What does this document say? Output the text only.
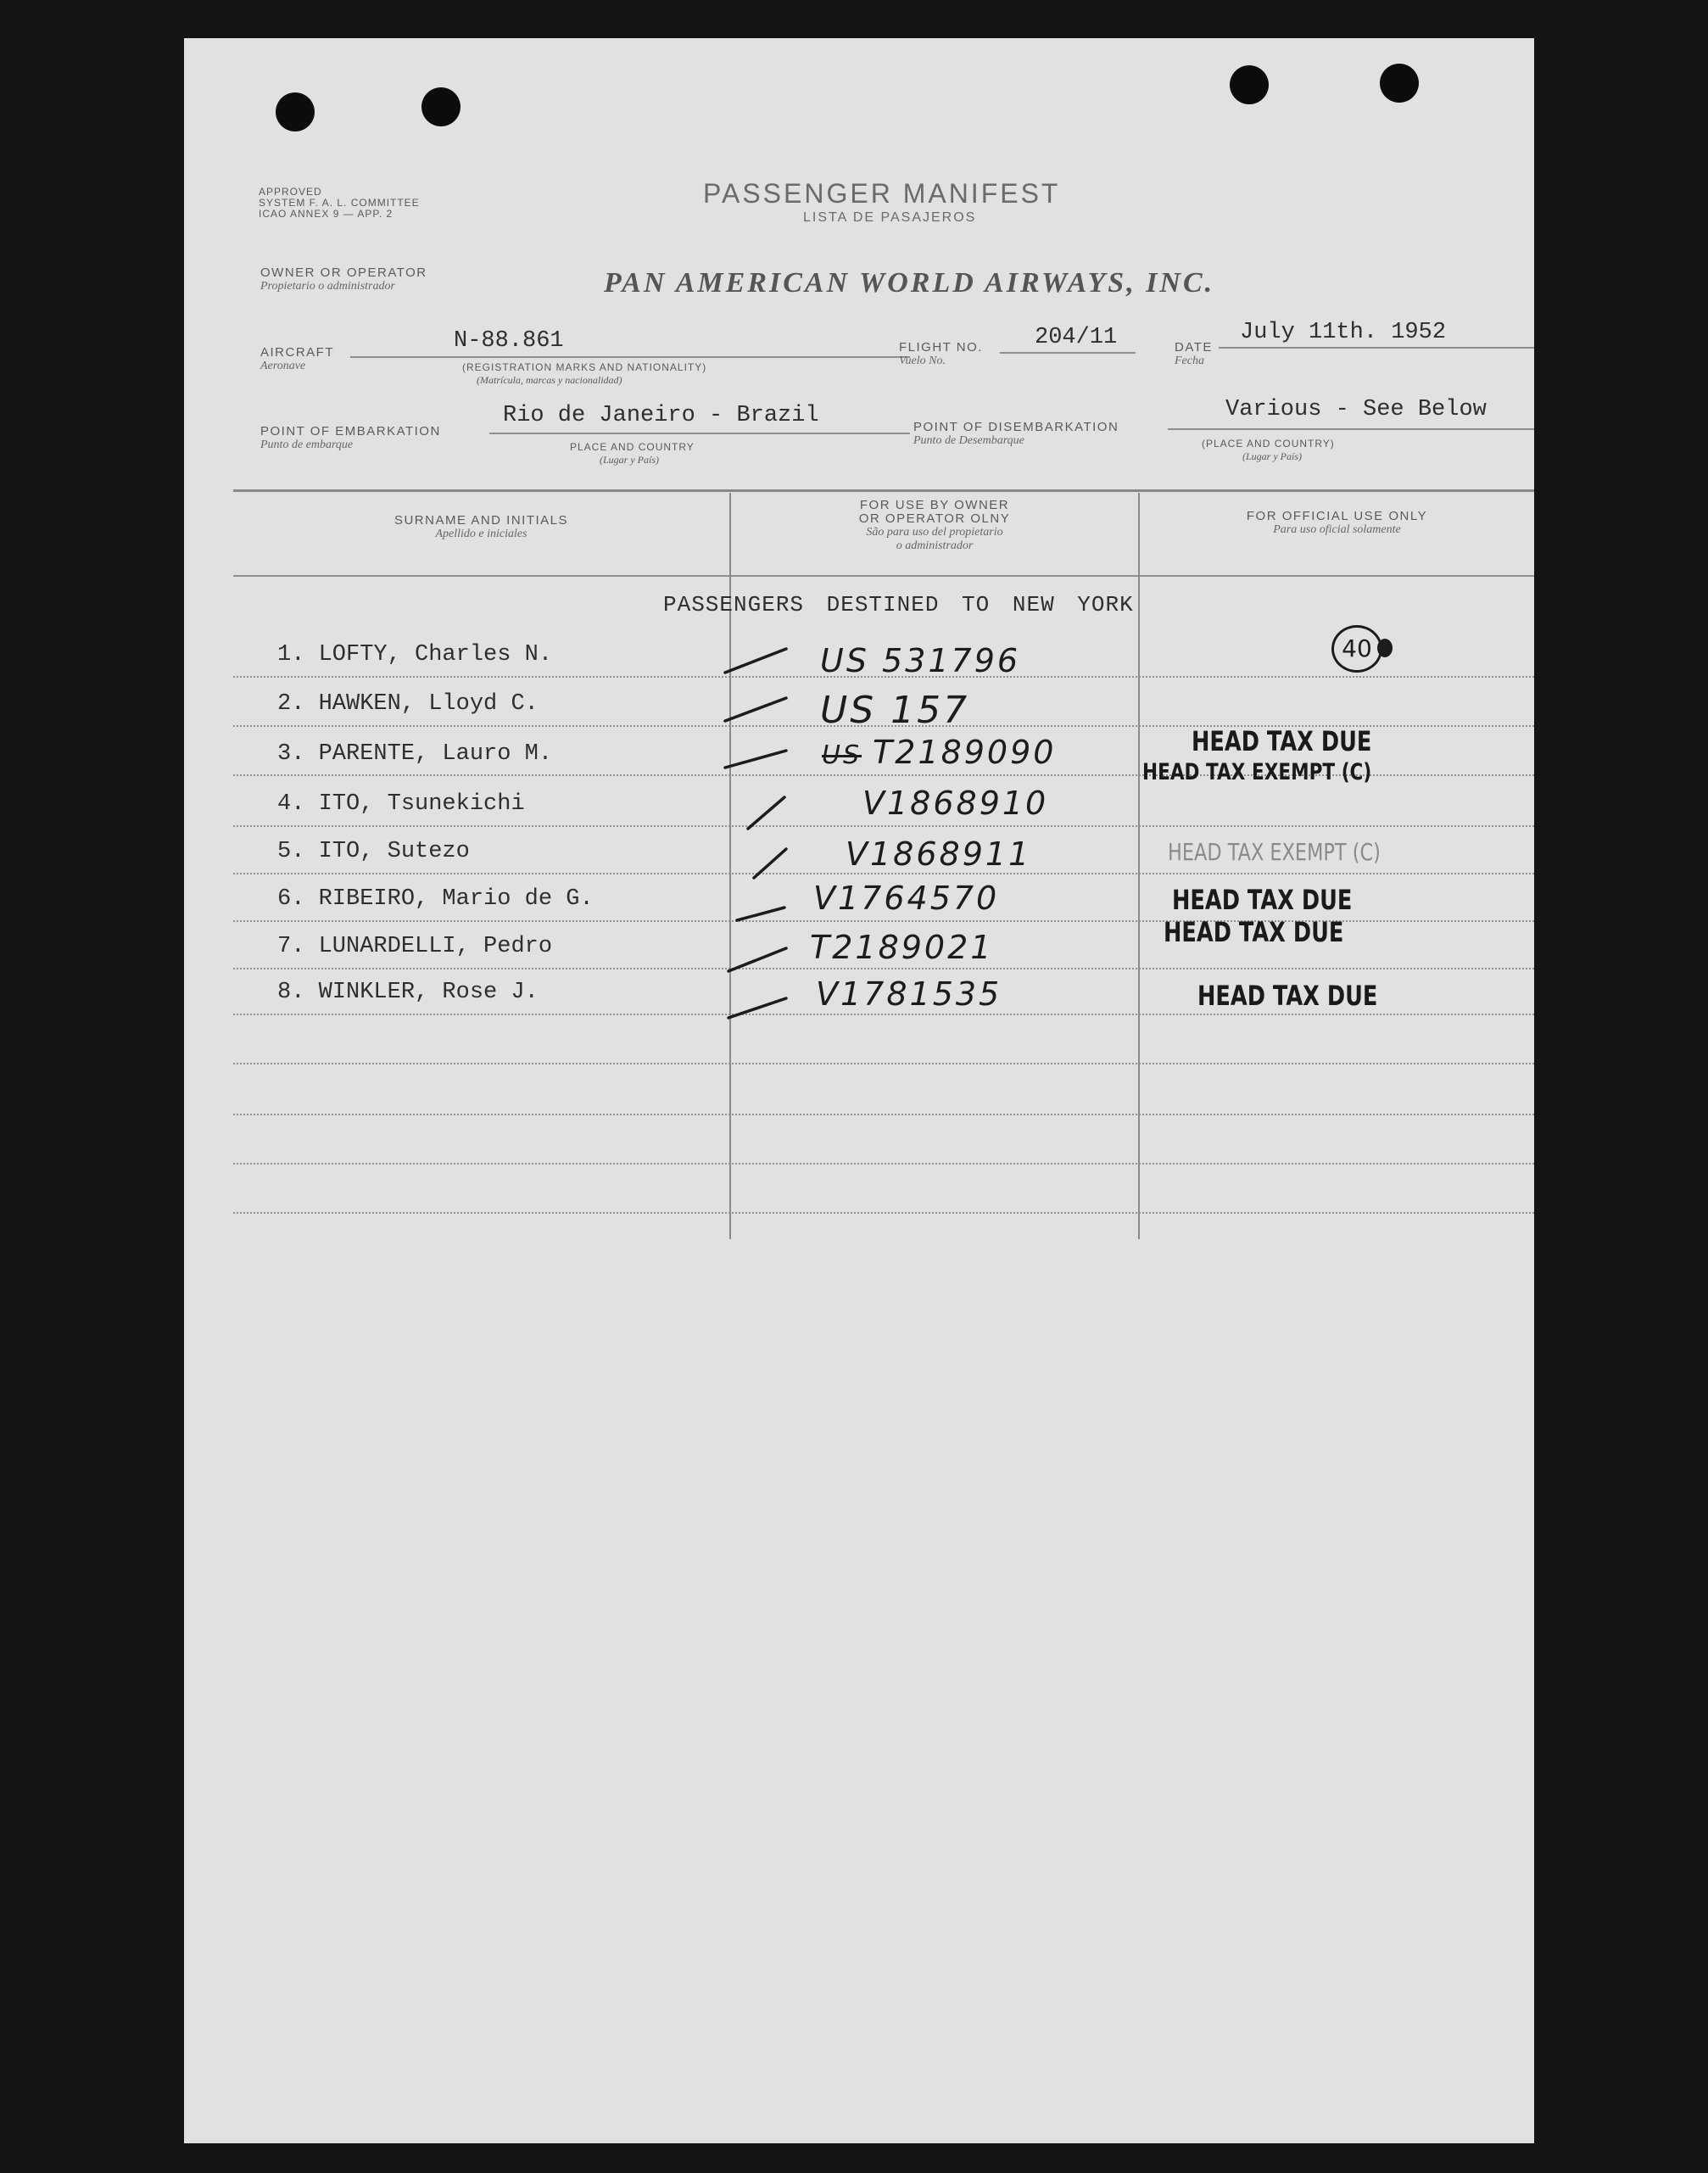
APPROVED
SYSTEM F. A. L. COMMITTEE
ICAO ANNEX 9 — APP. 2
PASSENGER MANIFEST
LISTA DE PASAJEROS
OWNER OR OPERATOR
Propietario o administrador	PAN AMERICAN WORLD AIRWAYS, INC.
AIRCRAFT
Aeronave
N-88.861
(REGISTRATION MARKS AND NATIONALITY)
(Matrícula, marcas y nacionalidad)
FLIGHT NO.
Vuelo No.
204/11	DATE
Fecha
July 11th. 1952
POINT OF EMBARKATION
Punto de embarque
Rio de Janeiro - Brazil
PLACE AND COUNTRY
(Lugar y País)
POINT OF DISEMBARKATION
Punto de Desembarque
Various - See Below
(PLACE AND COUNTRY)
(Lugar y País)
SURNAME AND INITIALS
Apellido e iniciales
FOR USE BY OWNER
OR OPERATOR OLNY
São para uso del propietario
o administrador
FOR OFFICIAL USE ONLY
Para uso oficial solamente
PASSENGERS DESTINED TO NEW YORK
1. LOFTY, Charles N.
2. HAWKEN, Lloyd C.
3. PARENTE, Lauro M.
4. ITO, Tsunekichi
5. ITO, Sutezo
6. RIBEIRO, Mario de G.
7. LUNARDELLI, Pedro
8. WINKLER, Rose J.
US 531796
US 157
US T2189090
V1868910
V1868911
V1764570
T2189021
V1781535
40
HEAD TAX DUE
HEAD TAX EXEMPT (C)
HEAD TAX EXEMPT (C)
HEAD TAX DUE
HEAD TAX DUE
HEAD TAX DUE
